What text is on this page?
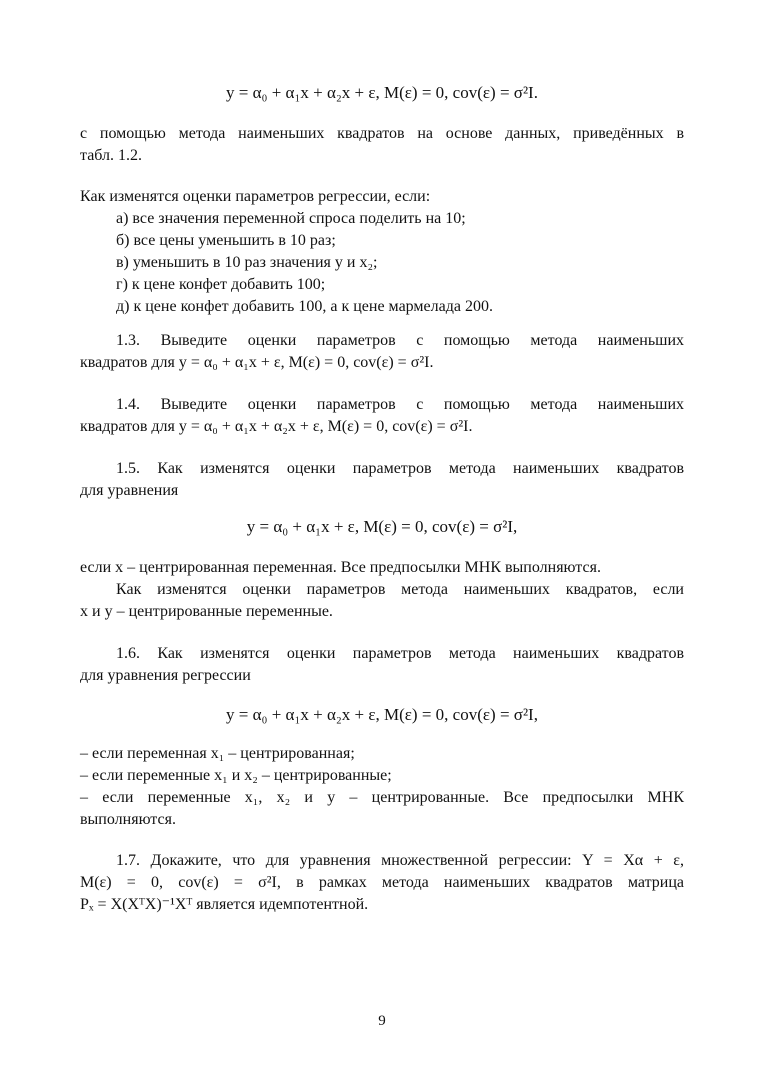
y = α₀ + α₁x + α₂x + ε, M(ε) = 0, cov(ε) = σ²I.
с помощью метода наименьших квадратов на основе данных, приведённых в
табл. 1.2.
Как изменятся оценки параметров регрессии, если:
а) все значения переменной спроса поделить на 10;
б) все цены уменьшить в 10 раз;
в) уменьшить в 10 раз значения y и x₂;
г) к цене конфет добавить 100;
д) к цене конфет добавить 100, а к цене мармелада 200.
1.3. Выведите оценки параметров с помощью метода наименьших
квадратов для y = α₀ + α₁x + ε, M(ε) = 0, cov(ε) = σ²I.
1.4. Выведите оценки параметров с помощью метода наименьших
квадратов для y = α₀ + α₁x + α₂x + ε, M(ε) = 0, cov(ε) = σ²I.
1.5. Как изменятся оценки параметров метода наименьших квадратов
для уравнения
y = α₀ + α₁x + ε, M(ε) = 0, cov(ε) = σ²I,
если x – центрированная переменная. Все предпосылки МНК выполняются.
Как изменятся оценки параметров метода наименьших квадратов, если
x и y – центрированные переменные.
1.6. Как изменятся оценки параметров метода наименьших квадратов
для уравнения регрессии
y = α₀ + α₁x + α₂x + ε, M(ε) = 0, cov(ε) = σ²I,
– если переменная x₁ – центрированная;
– если переменные x₁ и x₂ – центрированные;
– если переменные x₁, x₂ и y – центрированные. Все предпосылки МНК
выполняются.
1.7. Докажите, что для уравнения множественной регрессии: Y = Xα + ε,
M(ε) = 0, cov(ε) = σ²I, в рамках метода наименьших квадратов матрица
Pₓ = X(XᵀX)⁻¹Xᵀ является идемпотентной.
9
